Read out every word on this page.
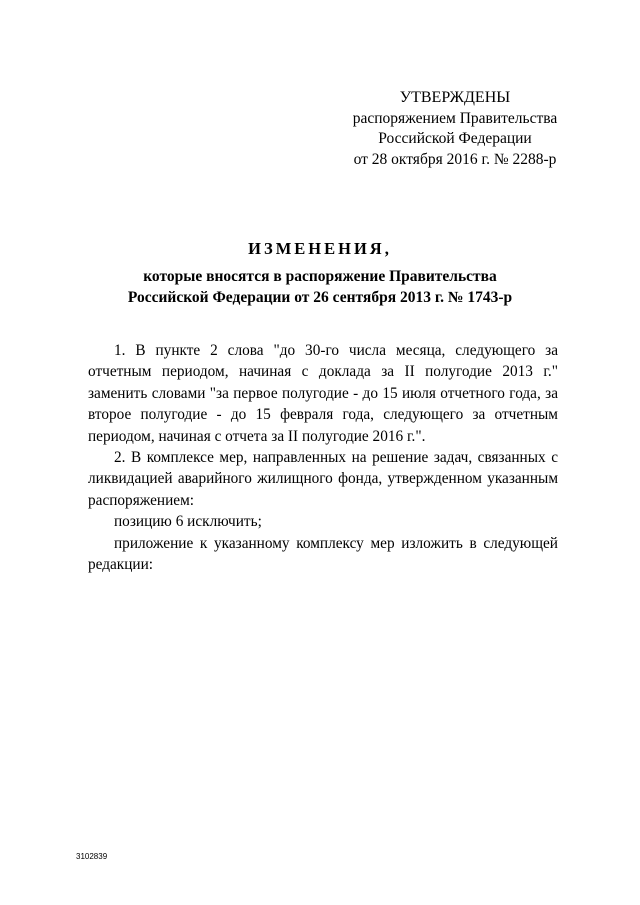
УТВЕРЖДЕНЫ
распоряжением Правительства
Российской Федерации
от 28 октября 2016 г. № 2288-р
ИЗМЕНЕНИЯ,
которые вносятся в распоряжение Правительства
Российской Федерации от 26 сентября 2013 г. № 1743-р

1. В пункте 2 слова "до 30-го числа месяца, следующего за отчетным периодом, начиная с доклада за II полугодие 2013 г." заменить словами "за первое полугодие - до 15 июля отчетного года, за второе полугодие - до 15 февраля года, следующего за отчетным периодом, начиная с отчета за II полугодие 2016 г.".

2. В комплексе мер, направленных на решение задач, связанных с ликвидацией аварийного жилищного фонда, утвержденном указанным распоряжением:

позицию 6 исключить;

приложение к указанному комплексу мер изложить в следующей редакции:

3102839
